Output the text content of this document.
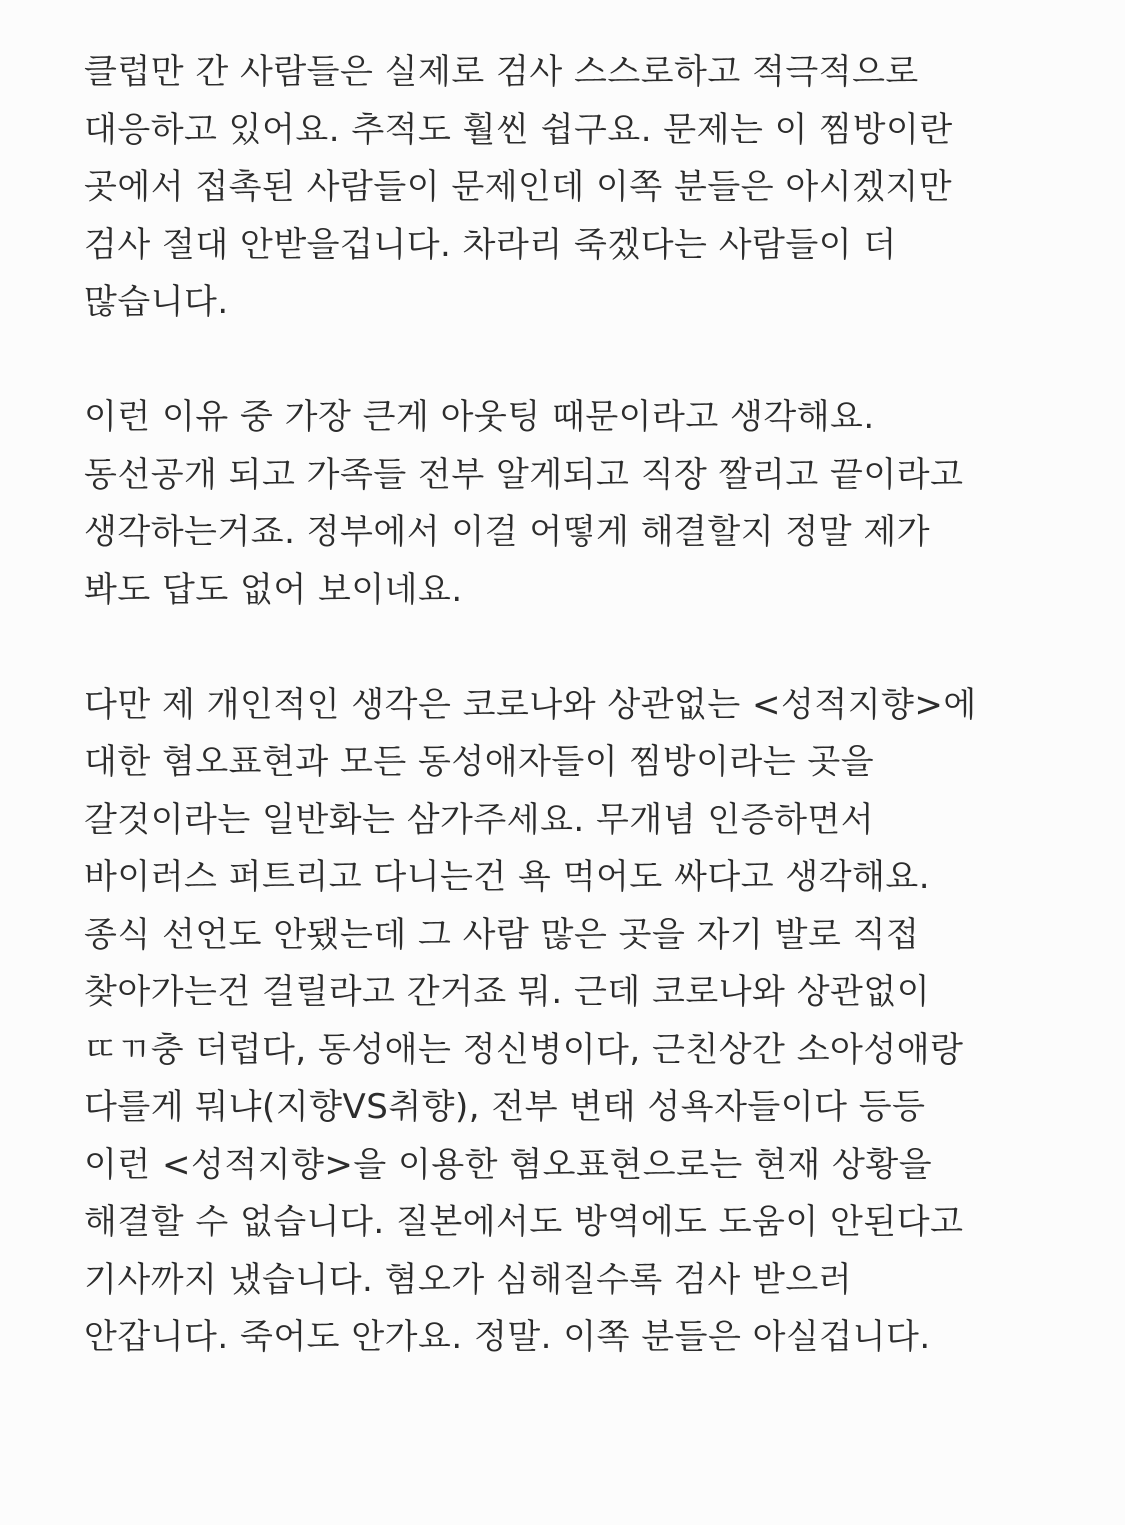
클럽만 간 사람들은 실제로 검사 스스로하고 적극적으로
대응하고 있어요. 추적도 훨씬 쉽구요. 문제는 이 찜방이란
곳에서 접촉된 사람들이 문제인데 이쪽 분들은 아시겠지만
검사 절대 안받을겁니다. 차라리 죽겠다는 사람들이 더
많습니다.

이런 이유 중 가장 큰게 아웃팅 때문이라고 생각해요.
동선공개 되고 가족들 전부 알게되고 직장 짤리고 끝이라고
생각하는거죠. 정부에서 이걸 어떻게 해결할지 정말 제가
봐도 답도 없어 보이네요.

다만 제 개인적인 생각은 코로나와 상관없는 <성적지향>에
대한 혐오표현과 모든 동성애자들이 찜방이라는 곳을
갈것이라는 일반화는 삼가주세요. 무개념 인증하면서
바이러스 퍼트리고 다니는건 욕 먹어도 싸다고 생각해요.
종식 선언도 안됐는데 그 사람 많은 곳을 자기 발로 직접
찾아가는건 걸릴라고 간거죠 뭐. 근데 코로나와 상관없이
ㄸㄲ충 더럽다, 동성애는 정신병이다, 근친상간 소아성애랑
다를게 뭐냐(지향VS취향), 전부 변태 성욕자들이다 등등
이런 <성적지향>을 이용한 혐오표현으로는 현재 상황을
해결할 수 없습니다. 질본에서도 방역에도 도움이 안된다고
기사까지 냈습니다. 혐오가 심해질수록 검사 받으러
안갑니다. 죽어도 안가요. 정말. 이쪽 분들은 아실겁니다.
